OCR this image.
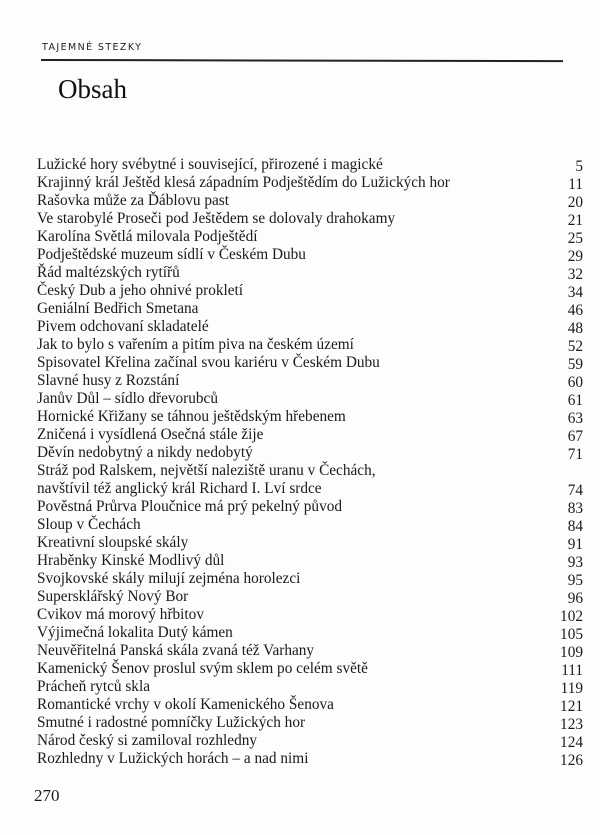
TAJEMNÉ STEZKY
Obsah
Lužické hory svébytné i související, přirozené i magické	5
Krajinný král Ještěd klesá západním Podještědím do Lužických hor	11
Rašovka může za Ďáblovu past	20
Ve starobylé Proseči pod Ještědem se dolovaly drahokamy	21
Karolína Světlá milovala Podještědí	25
Podještědské muzeum sídlí v Českém Dubu	29
Řád maltézských rytířů	32
Český Dub a jeho ohnivé prokletí	34
Geniální Bedřich Smetana	46
Pivem odchovaní skladatelé	48
Jak to bylo s vařením a pitím piva na českém území	52
Spisovatel Křelina začínal svou kariéru v Českém Dubu	59
Slavné husy z Rozstání	60
Janův Důl – sídlo dřevorubců	61
Hornické Křižany se táhnou ještědským hřebenem	63
Zničená i vysídlená Osečná stále žije	67
Děvín nedobytný a nikdy nedobytý	71
Stráž pod Ralskem, největší naleziště uranu v Čechách,
navštívil též anglický král Richard I. Lví srdce	74
Pověstná Průrva Ploučnice má prý pekelný původ	83
Sloup v Čechách	84
Kreativní sloupské skály	91
Hraběnky Kinské Modlivý důl	93
Svojkovské skály milují zejména horolezci	95
Supersklářský Nový Bor	96
Cvikov má morový hřbitov	102
Výjimečná lokalita Dutý kámen	105
Neuvěřitelná Panská skála zvaná též Varhany	109
Kamenický Šenov proslul svým sklem po celém světě	111
Prácheň rytců skla	119
Romantické vrchy v okolí Kamenického Šenova	121
Smutné i radostné pomníčky Lužických hor	123
Národ český si zamiloval rozhledny	124
Rozhledny v Lužických horách – a nad nimi	126
270
